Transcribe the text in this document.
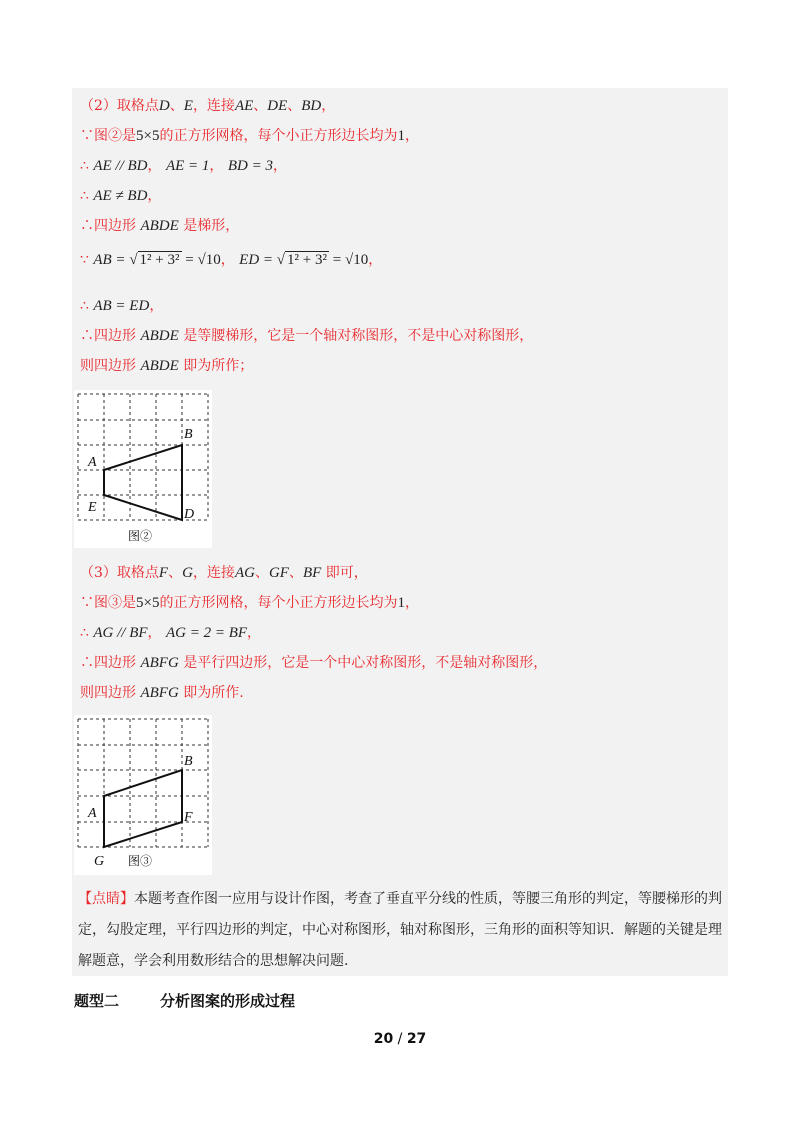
（2）取格点D、E，连接AE、DE、BD，
∵图②是5×5的正方形网格，每个小正方形边长均为1，
∴ AE // BD， AE = 1， BD = 3，
∴ AE ≠ BD，
∴四边形 ABDE 是梯形，
∵ AB = √ 1² + 3² = √10， ED = √ 1² + 3² = √10，
∴ AB = ED，
∴四边形 ABDE 是等腰梯形，它是一个轴对称图形，不是中心对称图形，
则四边形 ABDE 即为所作；
A
B
E	D
图②
（3）取格点F、G，连接AG、GF、BF 即可，
∵图③是5×5的正方形网格，每个小正方形边长均为1，
∴ AG // BF， AG = 2 = BF，
∴四边形 ABFG 是平行四边形，它是一个中心对称图形，不是轴对称图形，
则四边形 ABFG 即为所作.
A
B
F
G 图③
【点睛】本题考查作图一应用与设计作图，考查了垂直平分线的性质，等腰三角形的判定，等腰梯形的判定，勾股定理，平行四边形的判定，中心对称图形，轴对称图形，三角形的面积等知识．解题的关键是理解题意，学会利用数形结合的思想解决问题.
题型二	分析图案的形成过程
20 / 27
